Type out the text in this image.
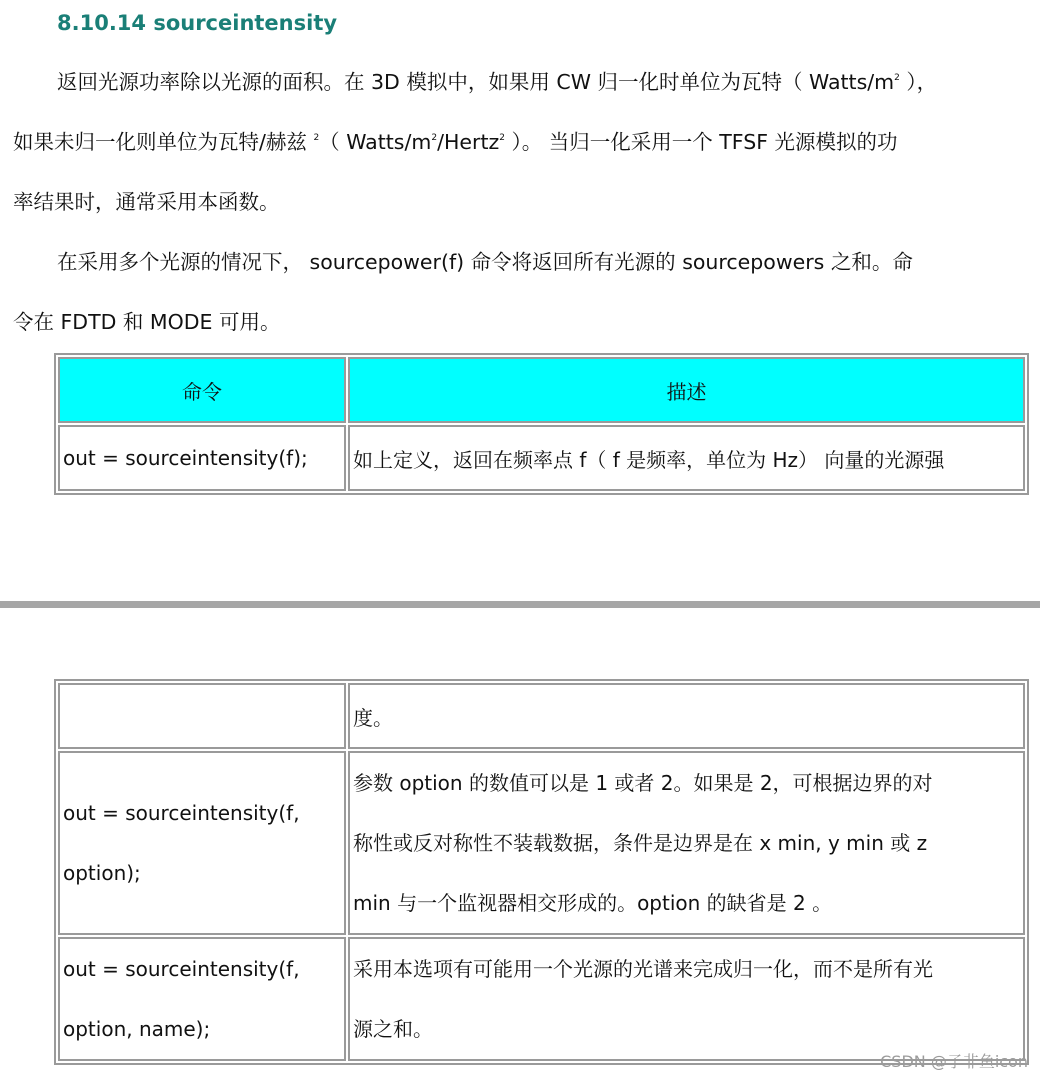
8.10.14 sourceintensity
返回光源功率除以光源的面积。在 3D 模拟中，如果用 CW 归一化时单位为瓦特（ Watts/$m^2$ ），
如果未归一化则单位为瓦特/赫兹 $^2$（ Watts/$m^2/Hertz^2$ ）。 当归一化采用一个 TFSF 光源模拟的功
率结果时，通常采用本函数。
在采用多个光源的情况下， sourcepower(f) 命令将返回所有光源的 sourcepowers 之和。命
令在 FDTD 和 MODE 可用。
命令	描述
out = sourceintensity(f);	如上定义，返回在频率点 f（ f 是频率，单位为 Hz） 向量的光源强
	度。

out = sourceintensity(f,
option);	参数 option 的数值可以是 1 或者 2。如果是 2，可根据边界的对
称性或反对称性不装载数据，条件是边界是在 x min, y min 或 z
min 与一个监视器相交形成的。option 的缺省是 2 。

out = sourceintensity(f,
option, name);	采用本选项有可能用一个光源的光谱来完成归一化，而不是所有光
源之和。
CSDN @子非鱼icon
